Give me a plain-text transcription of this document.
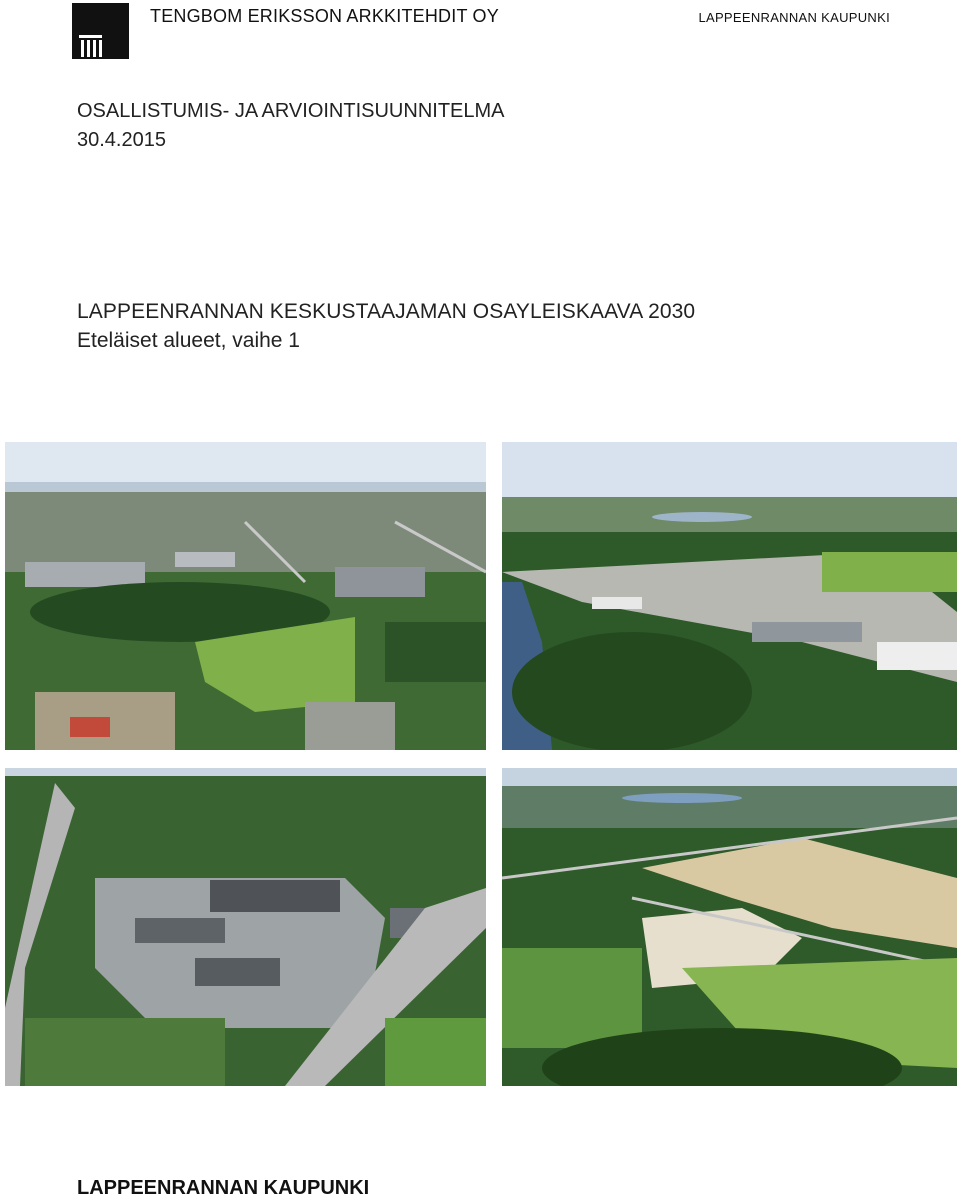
TENGBOM ERIKSSON ARKKITEHDIT OY	LAPPEENRANNAN KAUPUNKI
OSALLISTUMIS- JA ARVIOINTISUUNNITELMA
30.4.2015
LAPPEENRANNAN KESKUSTAAJAMAN OSAYLEISKAAVA 2030
Eteläiset alueet, vaihe 1
LAPPEENRANNAN KAUPUNKI
